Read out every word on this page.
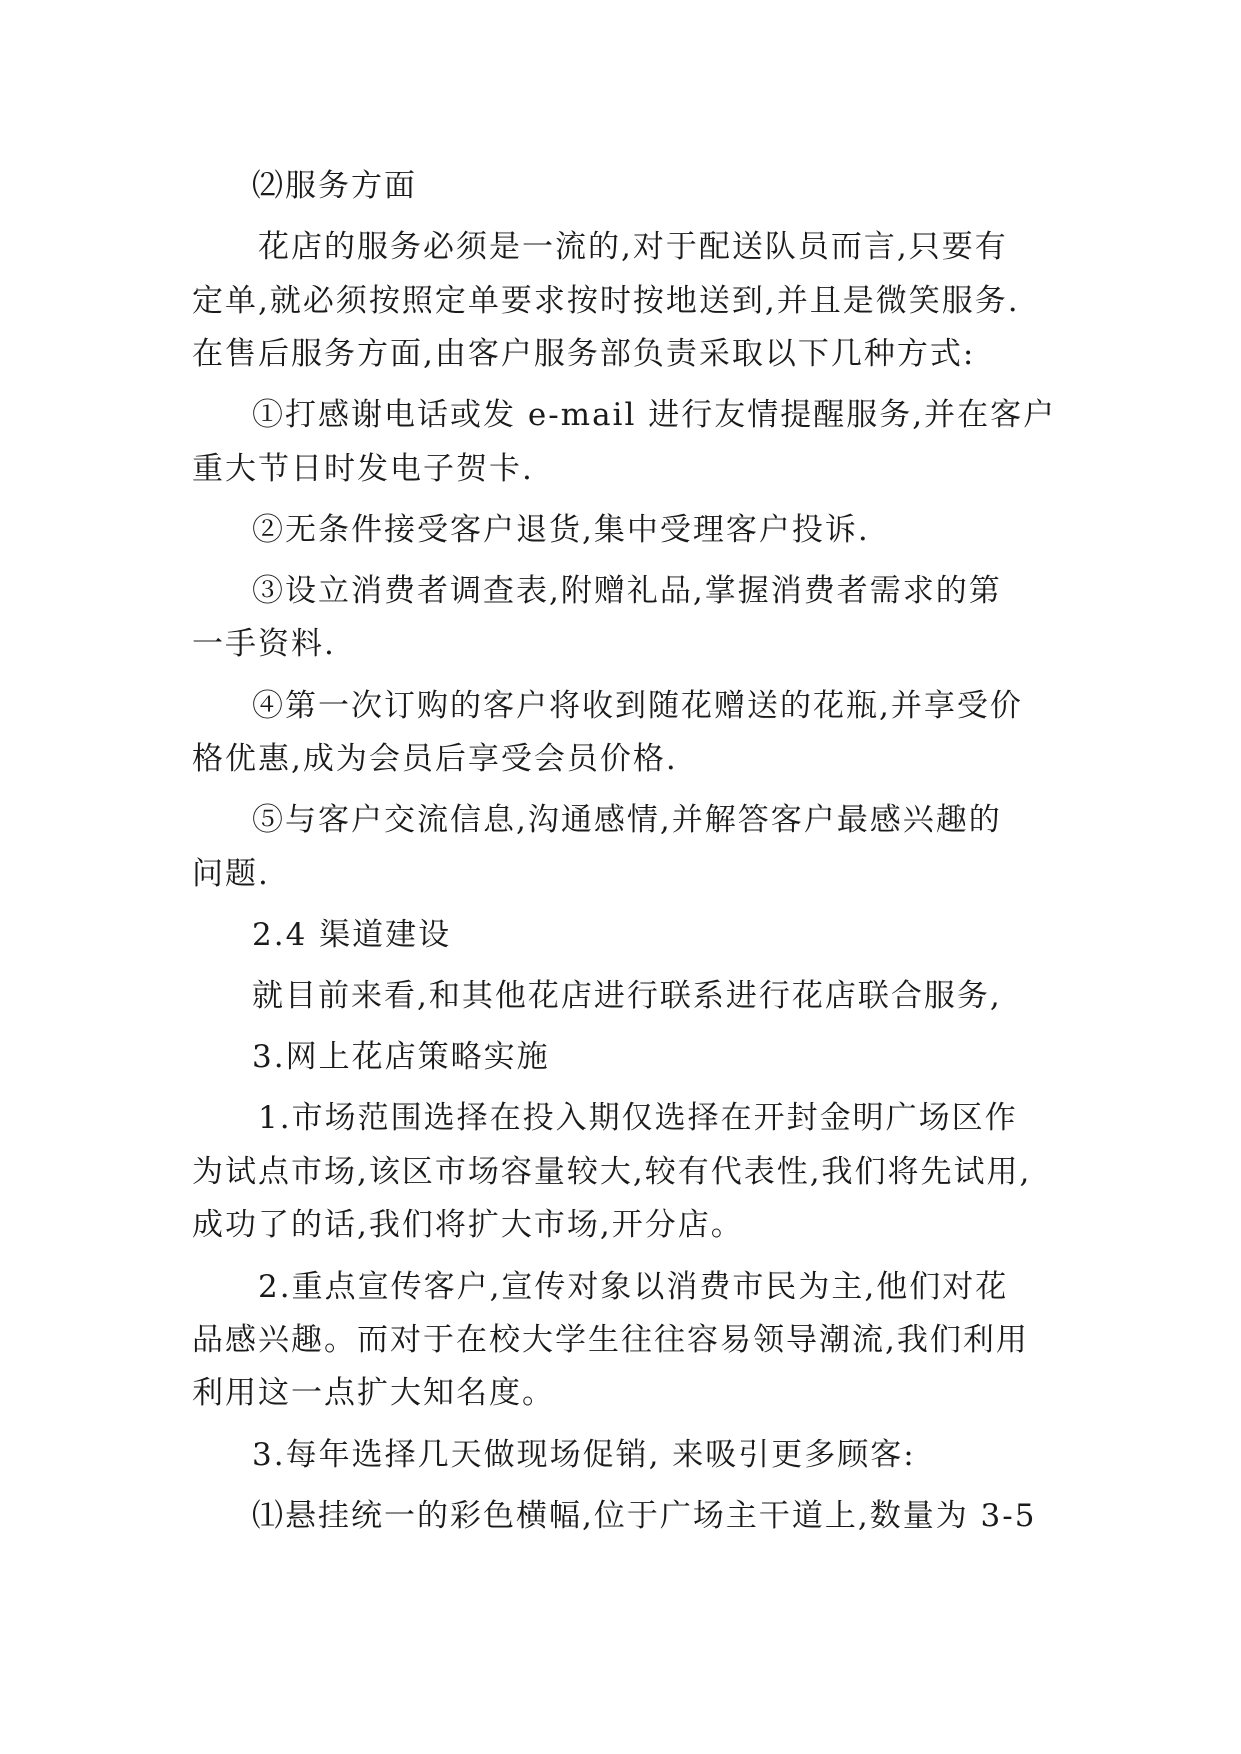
⑵服务方面
花店的服务必须是一流的,对于配送队员而言,只要有
定单,就必须按照定单要求按时按地送到,并且是微笑服务.
在售后服务方面,由客户服务部负责采取以下几种方式:
①打感谢电话或发 e-mail 进行友情提醒服务,并在客户
重大节日时发电子贺卡.
②无条件接受客户退货,集中受理客户投诉.
③设立消费者调查表,附赠礼品,掌握消费者需求的第
一手资料.
④第一次订购的客户将收到随花赠送的花瓶,并享受价
格优惠,成为会员后享受会员价格.
⑤与客户交流信息,沟通感情,并解答客户最感兴趣的
问题.
2.4 渠道建设
就目前来看,和其他花店进行联系进行花店联合服务,
3.网上花店策略实施
1.市场范围选择在投入期仅选择在开封金明广场区作
为试点市场,该区市场容量较大,较有代表性,我们将先试用,
成功了的话,我们将扩大市场,开分店。
2.重点宣传客户,宣传对象以消费市民为主,他们对花
品感兴趣。而对于在校大学生往往容易领导潮流,我们利用
利用这一点扩大知名度。
3.每年选择几天做现场促销, 来吸引更多顾客:
⑴悬挂统一的彩色横幅,位于广场主干道上,数量为 3-5
